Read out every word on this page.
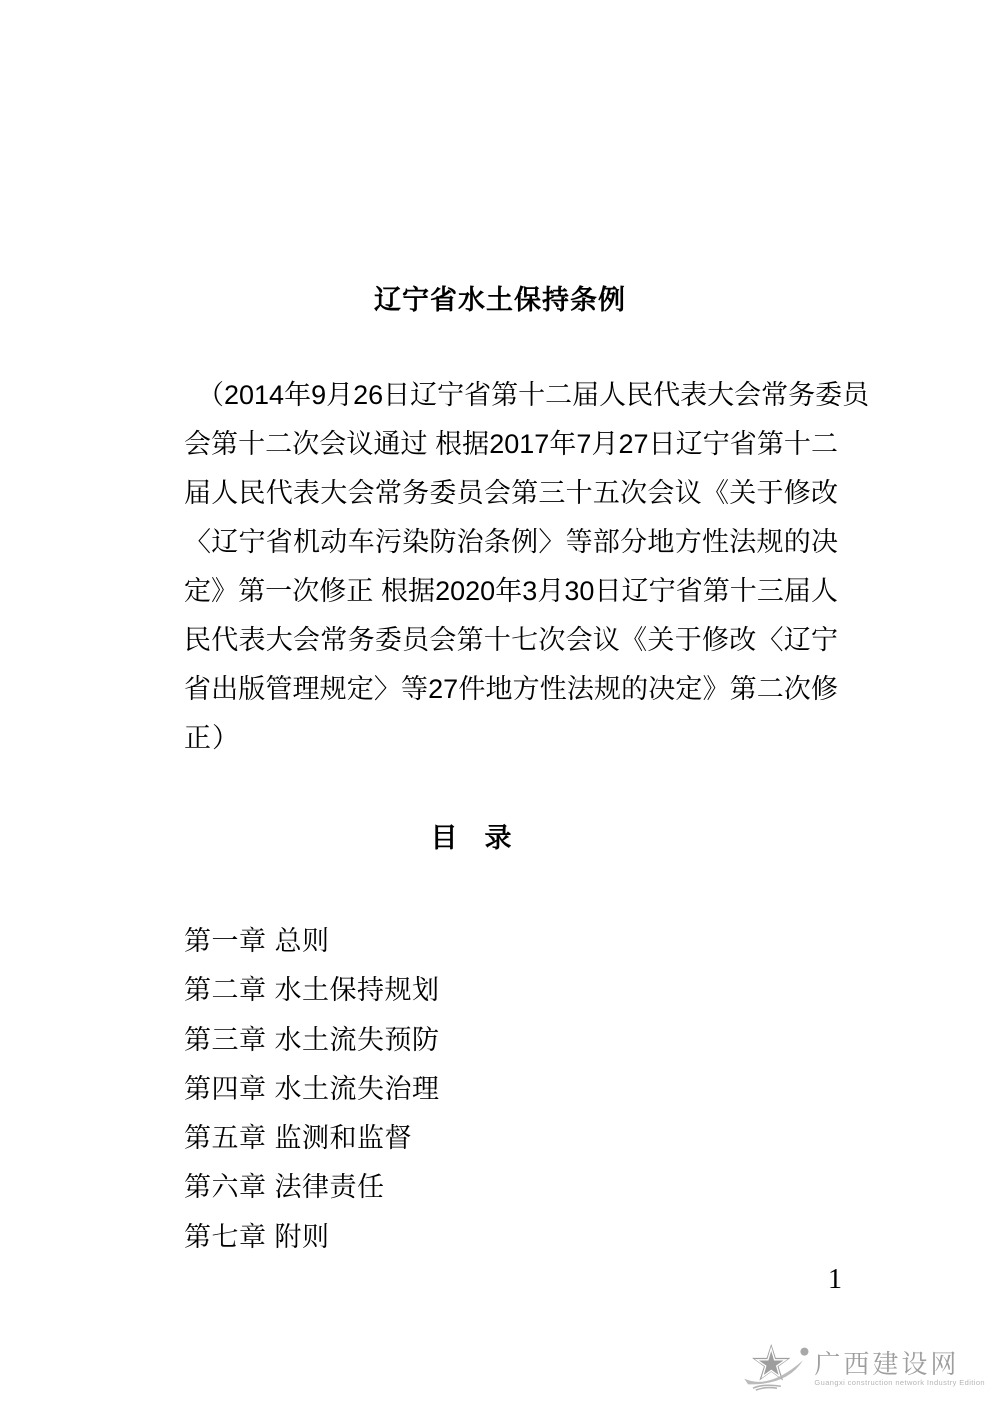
辽宁省水土保持条例
（2014年9月26日辽宁省第十二届人民代表大会常务委员
会第十二次会议通过 根据2017年7月27日辽宁省第十二
届人民代表大会常务委员会第三十五次会议《关于修改
〈辽宁省机动车污染防治条例〉等部分地方性法规的决
定》第一次修正 根据2020年3月30日辽宁省第十三届人
民代表大会常务委员会第十七次会议《关于修改〈辽宁
省出版管理规定〉等27件地方性法规的决定》第二次修
正）
目　录
第一章 总则
第二章 水土保持规划
第三章 水土流失预防
第四章 水土流失治理
第五章 监测和监督
第六章 法律责任
第七章 附则
1
广西建设网
Guangxi construction network Industry Edition
